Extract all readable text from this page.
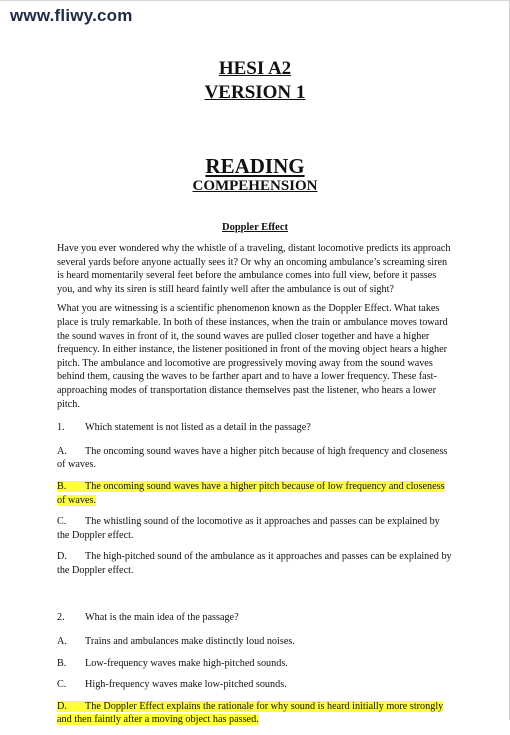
www.fliwy.com
HESI A2
VERSION 1
READING
COMPEHENSION
Doppler Effect

Have you ever wondered why the whistle of a traveling, distant locomotive predicts its approach several yards before anyone actually sees it? Or why an oncoming ambulance’s screaming siren is heard momentarily several feet before the ambulance comes into full view, before it passes you, and why its siren is still heard faintly well after the ambulance is out of sight?

What you are witnessing is a scientific phenomenon known as the Doppler Effect. What takes place is truly remarkable. In both of these instances, when the train or ambulance moves toward the sound waves in front of it, the sound waves are pulled closer together and have a higher frequency. In either instance, the listener positioned in front of the moving object hears a higher pitch. The ambulance and locomotive are progressively moving away from the sound waves behind them, causing the waves to be farther apart and to have a lower frequency. These fast-approaching modes of transportation distance themselves past the listener, who hears a lower pitch.

1. Which statement is not listed as a detail in the passage?
A. The oncoming sound waves have a higher pitch because of high frequency and closeness of waves.
B. The oncoming sound waves have a higher pitch because of low frequency and closeness of waves.
C. The whistling sound of the locomotive as it approaches and passes can be explained by the Doppler effect.
D. The high-pitched sound of the ambulance as it approaches and passes can be explained by the Doppler effect.
2. What is the main idea of the passage?
A. Trains and ambulances make distinctly loud noises.
B. Low-frequency waves make high-pitched sounds.
C. High-frequency waves make low-pitched sounds.
D. The Doppler Effect explains the rationale for why sound is heard initially more strongly and then faintly after a moving object has passed.
